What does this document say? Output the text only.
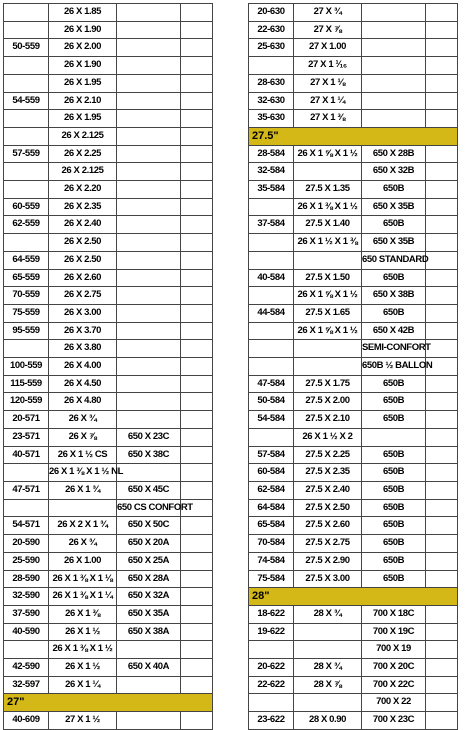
	26 X 1.85		
	26 X 1.90		
50-559	26 X 2.00		
	26 X 1.90		
	26 X 1.95		
54-559	26 X 2.10		
	26 X 1.95		
	26 X 2.125		
57-559	26 X 2.25		
	26 X 2.125		
	26 X 2.20		
60-559	26 X 2.35		
62-559	26 X 2.40		
	26 X 2.50		
64-559	26 X 2.50		
65-559	26 X 2.60		
70-559	26 X 2.75		
75-559	26 X 3.00		
95-559	26 X 3.70		
	26 X 3.80		
100-559	26 X 4.00		
115-559	26 X 4.50		
120-559	26 X 4.80		
20-571	26 X ¾		
23-571	26 X ⅞	650 X 23C	
40-571	26 X 1 ½ CS	650 X 38C	
	26 X 1 ⅜ X 1 ½ NL		
47-571	26 X 1 ¾	650 X 45C	
		650 CS CONFORT	
54-571	26 X 2 X 1 ¾	650 X 50C	
20-590	26 X ¾	650 X 20A	
25-590	26 X 1.00	650 X 25A	
28-590	26 X 1 ⅜ X 1 ⅛	650 X 28A	
32-590	26 X 1 ⅜ X 1 ¼	650 X 32A	
37-590	26 X 1 ⅜	650 X 35A	
40-590	26 X 1 ½	650 X 38A	
	26 X 1 ⅜ X 1 ½		
42-590	26 X 1 ½	650 X 40A	
32-597	26 X 1 ¼		
27"			
40-609	27 X 1 ½		
20-630	27 X ¾		
22-630	27 X ⅞		
25-630	27 X 1.00		
	27 X 1 ¹⁄₁₆		
28-630	27 X 1 ⅛		
32-630	27 X 1 ¼		
35-630	27 X 1 ⅜		
27.5"			
28-584	26 X 1 ⅝ X 1 ½	650 X 28B	
32-584		650 X 32B	
35-584	27.5 X 1.35	650B	
	26 X 1 ⅜ X 1 ½	650 X 35B	
37-584	27.5 X 1.40	650B	
	26 X 1 ½ X 1 ⅜	650 X 35B	
		650 STANDARD	
40-584	27.5 X 1.50	650B	
	26 X 1 ⅝ X 1 ½	650 X 38B	
44-584	27.5 X 1.65	650B	
	26 X 1 ⅝ X 1 ½	650 X 42B	
		SEMI-CONFORT	
		650B ½ BALLON	
47-584	27.5 X 1.75	650B	
50-584	27.5 X 2.00	650B	
54-584	27.5 X 2.10	650B	
	26 X 1 ½ X 2		
57-584	27.5 X 2.25	650B	
60-584	27.5 X 2.35	650B	
62-584	27.5 X 2.40	650B	
64-584	27.5 X 2.50	650B	
65-584	27.5 X 2.60	650B	
70-584	27.5 X 2.75	650B	
74-584	27.5 X 2.90	650B	
75-584	27.5 X 3.00	650B	
28"			
18-622	28 X ¾	700 X 18C	
19-622		700 X 19C	
		700 X 19	
20-622	28 X ¾	700 X 20C	
22-622	28 X ⅞	700 X 22C	
		700 X 22	
23-622	28 X 0.90	700 X 23C	
